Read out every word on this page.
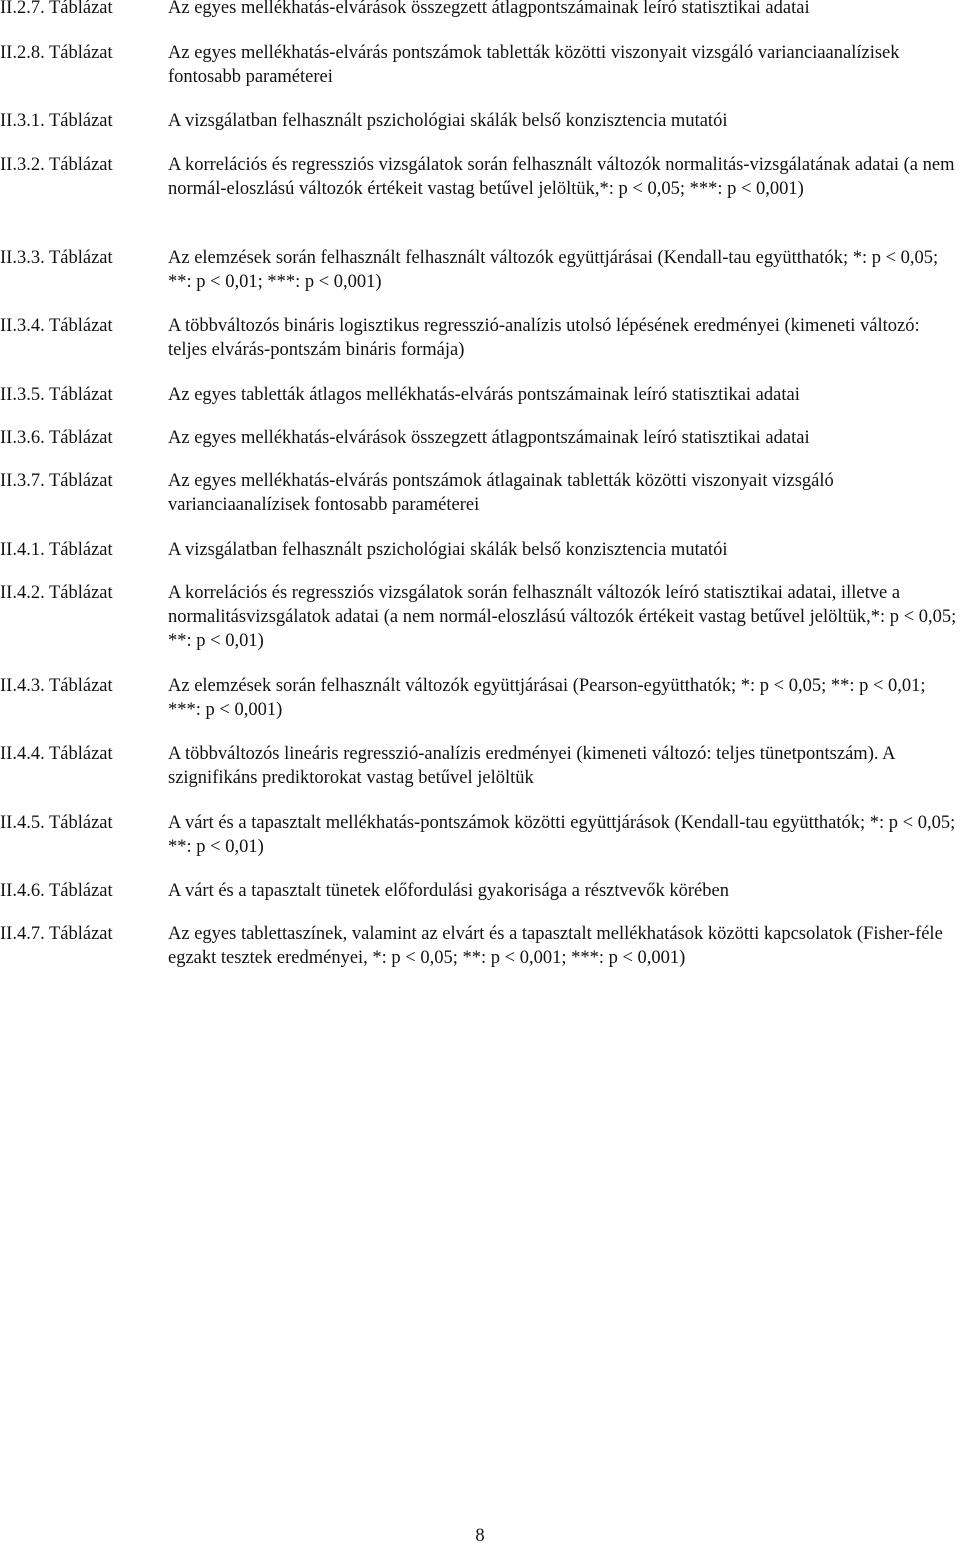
II.2.7. Táblázat	Az egyes mellékhatás-elvárások összegzett átlagpontszámainak leíró statisztikai adatai
II.2.8. Táblázat	Az egyes mellékhatás-elvárás pontszámok tabletták közötti viszonyait vizsgáló varianciaanalízisek fontosabb paraméterei
II.3.1. Táblázat	A vizsgálatban felhasznált pszichológiai skálák belső konzisztencia mutatói
II.3.2. Táblázat	A korrelációs és regressziós vizsgálatok során felhasznált változók normalitás-vizsgálatának adatai (a nem normál-eloszlású változók értékeit vastag betűvel jelöltük,*: p < 0,05; ***: p < 0,001)
II.3.3. Táblázat	Az elemzések során felhasznált felhasznált változók együttjárásai (Kendall-tau együtthatók; *: p < 0,05; **: p < 0,01; ***: p < 0,001)
II.3.4. Táblázat	A többváltozós bináris logisztikus regresszió-analízis utolsó lépésének eredményei (kimeneti változó: teljes elvárás-pontszám bináris formája)
II.3.5. Táblázat	Az egyes tabletták átlagos mellékhatás-elvárás pontszámainak leíró statisztikai adatai
II.3.6. Táblázat	Az egyes mellékhatás-elvárások összegzett átlagpontszámainak leíró statisztikai adatai
II.3.7. Táblázat	Az egyes mellékhatás-elvárás pontszámok átlagainak tabletták közötti viszonyait vizsgáló varianciaanalízisek fontosabb paraméterei
II.4.1. Táblázat	A vizsgálatban felhasznált pszichológiai skálák belső konzisztencia mutatói
II.4.2. Táblázat	A korrelációs és regressziós vizsgálatok során felhasznált változók leíró statisztikai adatai, illetve a normalitásvizsgálatok adatai (a nem normál-eloszlású változók értékeit vastag betűvel jelöltük,*: p < 0,05; **: p < 0,01)
II.4.3. Táblázat	Az elemzések során felhasznált változók együttjárásai (Pearson-együtthatók; *: p < 0,05; **: p < 0,01; ***: p < 0,001)
II.4.4. Táblázat	A többváltozós lineáris regresszió-analízis eredményei (kimeneti változó: teljes tünetpontszám). A szignifikáns prediktorokat vastag betűvel jelöltük
II.4.5. Táblázat	A várt és a tapasztalt mellékhatás-pontszámok közötti együttjárások (Kendall-tau együtthatók; *: p < 0,05; **: p < 0,01)
II.4.6. Táblázat	A várt és a tapasztalt tünetek előfordulási gyakorisága a résztvevők körében
II.4.7. Táblázat	Az egyes tablettaszínek, valamint az elvárt és a tapasztalt mellékhatások közötti kapcsolatok (Fisher-féle egzakt tesztek eredményei, *: p < 0,05; **: p < 0,001; ***: p < 0,001)
8
